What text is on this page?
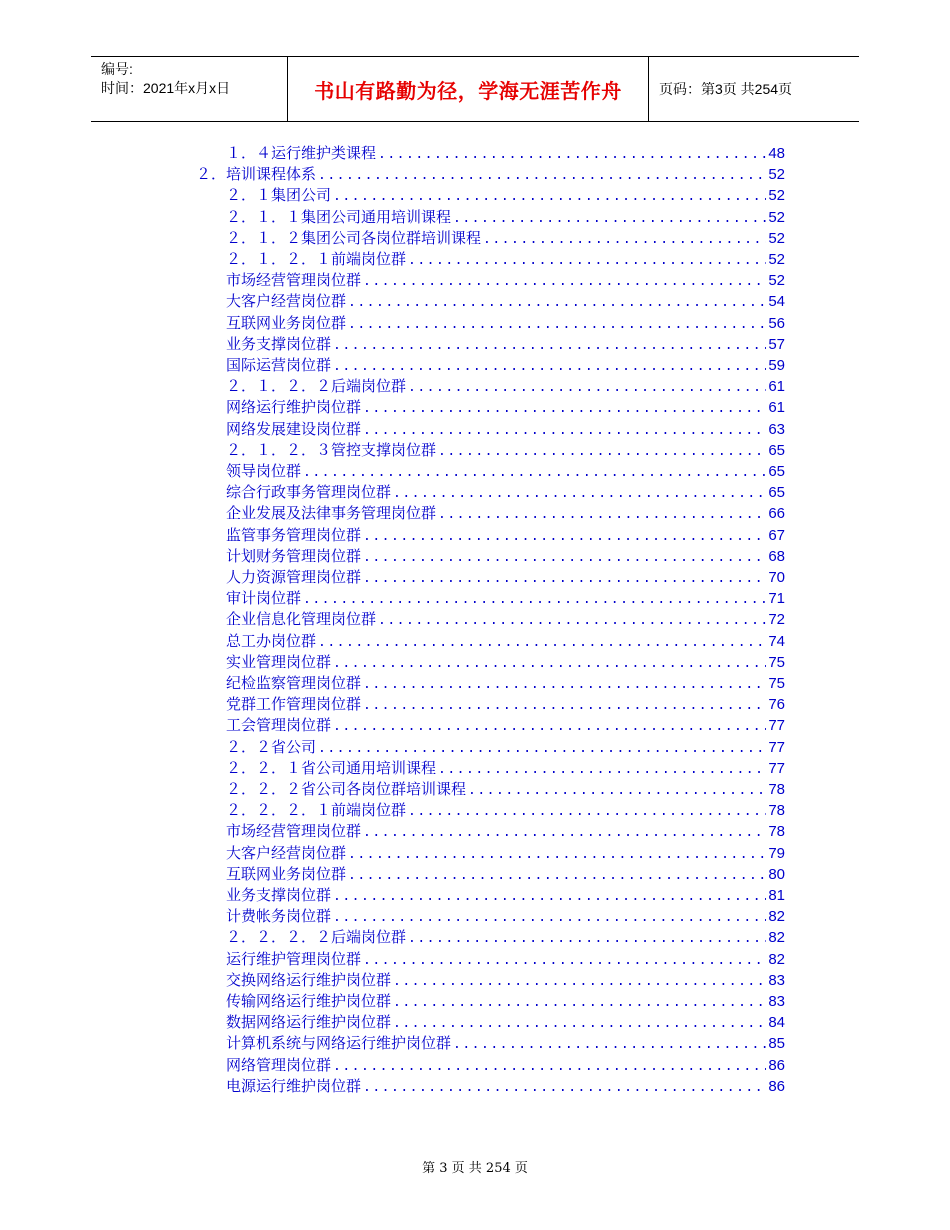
编号:
时间：2021年x月x日	书山有路勤为径，学海无涯苦作舟	页码：第3页 共254页
１．４运行维护类课程 .....	48
２．培训课程体系 .....	52
２．１集团公司 .....	52
２．１．１集团公司通用培训课程 .....	52
２．１．２集团公司各岗位群培训课程 .....	52
２．１．２．１前端岗位群 .....	52
市场经营管理岗位群 .....	52
大客户经营岗位群 .....	54
互联网业务岗位群 .....	56
业务支撑岗位群 .....	57
国际运营岗位群 .....	59
２．１．２．２后端岗位群 .....	61
网络运行维护岗位群 .....	61
网络发展建设岗位群 .....	63
２．１．２．３管控支撑岗位群 .....	65
领导岗位群 .....	65
综合行政事务管理岗位群 .....	65
企业发展及法律事务管理岗位群 .....	66
监管事务管理岗位群 .....	67
计划财务管理岗位群 .....	68
人力资源管理岗位群 .....	70
审计岗位群 .....	71
企业信息化管理岗位群 .....	72
总工办岗位群 .....	74
实业管理岗位群 .....	75
纪检监察管理岗位群 .....	75
党群工作管理岗位群 .....	76
工会管理岗位群 .....	77
２．２省公司 .....	77
２．２．１省公司通用培训课程 .....	77
２．２．２省公司各岗位群培训课程 .....	78
２．２．２．１前端岗位群 .....	78
市场经营管理岗位群 .....	78
大客户经营岗位群 .....	79
互联网业务岗位群 .....	80
业务支撑岗位群 .....	81
计费帐务岗位群 .....	82
２．２．２．２后端岗位群 .....	82
运行维护管理岗位群 .....	82
交换网络运行维护岗位群 .....	83
传输网络运行维护岗位群 .....	83
数据网络运行维护岗位群 .....	84
计算机系统与网络运行维护岗位群 .....	85
网络管理岗位群 .....	86
电源运行维护岗位群 .....	86
第 3 页 共 254 页
